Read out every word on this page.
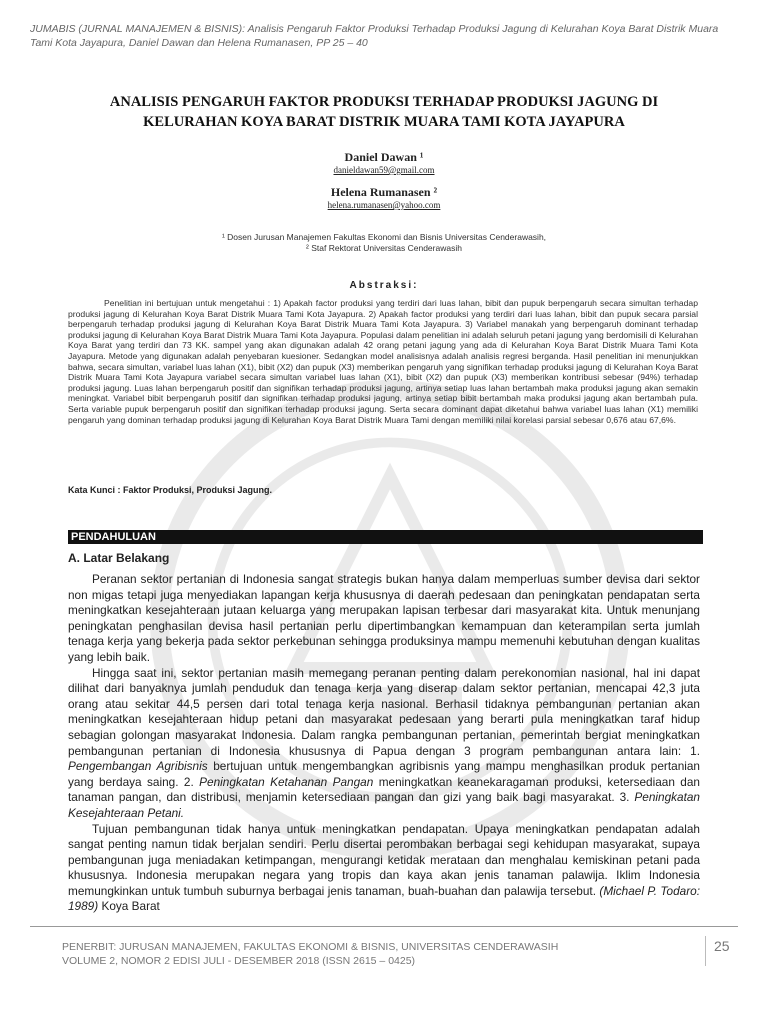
JUMABIS (JURNAL MANAJEMEN & BISNIS): Analisis Pengaruh Faktor Produksi Terhadap Produksi Jagung di Kelurahan Koya Barat Distrik Muara Tami Kota Jayapura, Daniel Dawan dan Helena Rumanasen, PP 25 – 40
ANALISIS PENGARUH FAKTOR PRODUKSI TERHADAP PRODUKSI JAGUNG DI KELURAHAN KOYA BARAT DISTRIK MUARA TAMI KOTA JAYAPURA
Daniel Dawan ¹
danieldawan59@gmail.com
Helena Rumanasen ²
helena.rumanasen@yahoo.com
¹ Dosen Jurusan Manajemen Fakultas Ekonomi dan Bisnis Universitas Cenderawasih,
² Staf Rektorat Universitas Cenderawasih
Abstraksi:
Penelitian ini bertujuan untuk mengetahui : 1) Apakah factor produksi yang terdiri dari luas lahan, bibit dan pupuk berpengaruh secara simultan terhadap produksi jagung di Kelurahan Koya Barat Distrik Muara Tami Kota Jayapura. 2) Apakah factor produksi yang terdiri dari luas lahan, bibit dan pupuk secara parsial berpengaruh terhadap produksi jagung di Kelurahan Koya Barat Distrik Muara Tami Kota Jayapura. 3) Variabel manakah yang berpengaruh dominant terhadap produksi jagung di Kelurahan Koya Barat Distrik Muara Tami Kota Jayapura. Populasi dalam penelitian ini adalah seluruh petani jagung yang berdomisili di Kelurahan Koya Barat yang terdiri dan 73 KK. sampel yang akan digunakan adalah 42 orang petani jagung yang ada di Kelurahan Koya Barat Distrik Muara Tami Kota Jayapura. Metode yang digunakan adalah penyebaran kuesioner. Sedangkan model analisisnya adalah analisis regresi berganda. Hasil penelitian ini menunjukkan bahwa, secara simultan, variabel luas lahan (X1), bibit (X2) dan pupuk (X3) memberikan pengaruh yang signifikan terhadap produksi jagung di Kelurahan Koya Barat Distrik Muara Tami Kota Jayapura variabel secara simultan variabel luas lahan (X1), bibit (X2) dan pupuk (X3) memberikan kontribusi sebesar (94%) terhadap produksi jagung. Luas lahan berpengaruh positif dan signifikan terhadap produksi jagung, artinya setiap luas lahan bertambah maka produksi jagung akan semakin meningkat. Variabel bibit berpengaruh positif dan signifikan terhadap produksi jagung, artinya setiap bibit bertambah maka produksi jagung akan bertambah pula. Serta variable pupuk berpengaruh positif dan signifikan terhadap produksi jagung. Serta secara dominant dapat diketahui bahwa variabel luas lahan (X1) memiliki pengaruh yang dominan terhadap produksi jagung di Kelurahan Koya Barat Distrik Muara Tami dengan memiliki nilai korelasi parsial sebesar 0,676 atau 67,6%.
Kata Kunci : Faktor Produksi, Produksi Jagung.
PENDAHULUAN
A. Latar Belakang

Peranan sektor pertanian di Indonesia sangat strategis bukan hanya dalam memperluas sumber devisa dari sektor non migas tetapi juga menyediakan lapangan kerja khususnya di daerah pedesaan dan peningkatan pendapatan serta meningkatkan kesejahteraan jutaan keluarga yang merupakan lapisan terbesar dari masyarakat kita. Untuk menunjang peningkatan penghasilan devisa hasil pertanian perlu dipertimbangkan kemampuan dan keterampilan serta jumlah tenaga kerja yang bekerja pada sektor perkebunan sehingga produksinya mampu memenuhi kebutuhan dengan kualitas yang lebih baik.

Hingga saat ini, sektor pertanian masih memegang peranan penting dalam perekonomian nasional, hal ini dapat dilihat dari banyaknya jumlah penduduk dan tenaga kerja yang diserap dalam sektor pertanian, mencapai 42,3 juta orang atau sekitar 44,5 persen dari total tenaga kerja nasional. Berhasil tidaknya pembangunan pertanian akan meningkatkan kesejahteraan hidup petani dan masyarakat pedesaan yang berarti pula meningkatkan taraf hidup sebagian golongan masyarakat Indonesia. Dalam rangka pembangunan pertanian, pemerintah bergiat meningkatkan pembangunan pertanian di Indonesia khususnya di Papua dengan 3 program pembangunan antara lain: 1. Pengembangan Agribisnis bertujuan untuk mengembangkan agribisnis yang mampu menghasilkan produk pertanian yang berdaya saing. 2. Peningkatan Ketahanan Pangan meningkatkan keanekaragaman produksi, ketersediaan dan tanaman pangan, dan distribusi, menjamin ketersediaan pangan dan gizi yang baik bagi masyarakat. 3. Peningkatan Kesejahteraan Petani.

Tujuan pembangunan tidak hanya untuk meningkatkan pendapatan. Upaya meningkatkan pendapatan adalah sangat penting namun tidak berjalan sendiri. Perlu disertai perombakan berbagai segi kehidupan masyarakat, supaya pembangunan juga meniadakan ketimpangan, mengurangi ketidak merataan dan menghalau kemiskinan petani pada khususnya. Indonesia merupakan negara yang tropis dan kaya akan jenis tanaman palawija. Iklim Indonesia memungkinkan untuk tumbuh suburnya berbagai jenis tanaman, buah-buahan dan palawija tersebut. (Michael P. Todaro: 1989) Koya Barat

PENERBIT: JURUSAN MANAJEMEN, FAKULTAS EKONOMI & BISNIS, UNIVERSITAS CENDERAWASIH
VOLUME 2, NOMOR 2 EDISI JULI - DESEMBER 2018 (ISSN 2615 – 0425)
25
